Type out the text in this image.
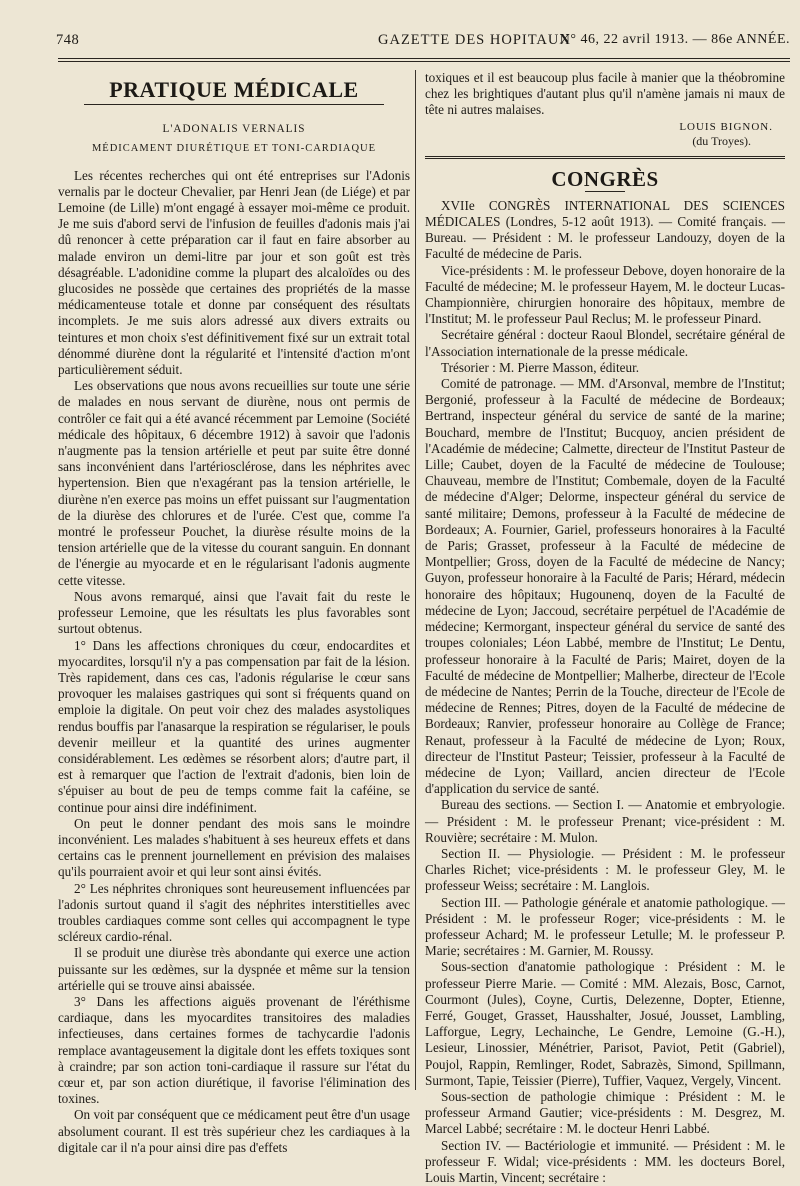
748	GAZETTE DES HOPITAUX
N° 46, 22 avril 1913. — 86e ANNÉE.
PRATIQUE MÉDICALE
L'ADONALIS VERNALIS
MÉDICAMENT DIURÉTIQUE ET TONI-CARDIAQUE

Les récentes recherches qui ont été entreprises sur l'Adonis vernalis par le docteur Chevalier, par Henri Jean (de Liége) et par Lemoine (de Lille) m'ont engagé à essayer moi-même ce produit. Je me suis d'abord servi de l'infusion de feuilles d'adonis mais j'ai dû renoncer à cette préparation car il faut en faire absorber au malade environ un demi-litre par jour et son goût est très désagréable. L'adonidine comme la plupart des alcaloïdes ou des glucosides ne possède que certaines des propriétés de la masse médicamenteuse totale et donne par conséquent des résultats incomplets. Je me suis alors adressé aux divers extraits ou teintures et mon choix s'est définitivement fixé sur un extrait total dénommé diurène dont la régularité et l'intensité d'action m'ont particulièrement séduit.

Les observations que nous avons recueillies sur toute une série de malades en nous servant de diurène, nous ont permis de contrôler ce fait qui a été avancé récemment par Lemoine (Société médicale des hôpitaux, 6 décembre 1912) à savoir que l'adonis n'augmente pas la tension artérielle et peut par suite être donné sans inconvénient dans l'artériosclérose, dans les néphrites avec hypertension. Bien que n'exagérant pas la tension artérielle, le diurène n'en exerce pas moins un effet puissant sur l'augmentation de la diurèse des chlorures et de l'urée. C'est que, comme l'a montré le professeur Pouchet, la diurèse résulte moins de la tension artérielle que de la vitesse du courant sanguin. En donnant de l'énergie au myocarde et en le régularisant l'adonis augmente cette vitesse.

Nous avons remarqué, ainsi que l'avait fait du reste le professeur Lemoine, que les résultats les plus favorables sont surtout obtenus.

1° Dans les affections chroniques du cœur, endocardites et myocardites, lorsqu'il n'y a pas compensation par fait de la lésion. Très rapidement, dans ces cas, l'adonis régularise le cœur sans provoquer les malaises gastriques qui sont si fréquents quand on emploie la digitale. On peut voir chez des malades asystoliques rendus bouffis par l'anasarque la respiration se régulariser, le pouls devenir meilleur et la quantité des urines augmenter considérablement. Les œdèmes se résorbent alors; d'autre part, il est à remarquer que l'action de l'extrait d'adonis, bien loin de s'épuiser au bout de peu de temps comme fait la caféine, se continue pour ainsi dire indéfiniment.

On peut le donner pendant des mois sans le moindre inconvénient. Les malades s'habituent à ses heureux effets et dans certains cas le prennent journellement en prévision des malaises qu'ils pourraient avoir et qui leur sont ainsi évités.

2° Les néphrites chroniques sont heureusement influencées par l'adonis surtout quand il s'agit des néphrites interstitielles avec troubles cardiaques comme sont celles qui accompagnent le type scléreux cardio-rénal.

Il se produit une diurèse très abondante qui exerce une action puissante sur les œdèmes, sur la dyspnée et même sur la tension artérielle qui se trouve ainsi abaissée.

3° Dans les affections aiguës provenant de l'éréthisme cardiaque, dans les myocardites transitoires des maladies infectieuses, dans certaines formes de tachycardie l'adonis remplace avantageusement la digitale dont les effets toxiques sont à craindre; par son action toni-cardiaque il rassure sur l'état du cœur et, par son action diurétique, il favorise l'élimination des toxines.

On voit par conséquent que ce médicament peut être d'un usage absolument courant. Il est très supérieur chez les cardiaques à la digitale car il n'a pour ainsi dire pas d'effets

toxiques et il est beaucoup plus facile à manier que la théobromine chez les brightiques d'autant plus qu'il n'amène jamais ni maux de tête ni autres malaises.

LOUIS BIGNON.
(du Troyes).
CONGRÈS

XVIIe CONGRÈS INTERNATIONAL DES SCIENCES MÉDICALES (Londres, 5-12 août 1913). — Comité français. — Bureau. — Président : M. le professeur Landouzy, doyen de la Faculté de médecine de Paris.

Vice-présidents : M. le professeur Debove, doyen honoraire de la Faculté de médecine; M. le professeur Hayem, M. le docteur Lucas-Championnière, chirurgien honoraire des hôpitaux, membre de l'Institut; M. le professeur Paul Reclus; M. le professeur Pinard.

Secrétaire général : docteur Raoul Blondel, secrétaire général de l'Association internationale de la presse médicale.

Trésorier : M. Pierre Masson, éditeur.

Comité de patronage. — MM. d'Arsonval, membre de l'Institut; Bergonié, professeur à la Faculté de médecine de Bordeaux; Bertrand, inspecteur général du service de santé de la marine; Bouchard, membre de l'Institut; Bucquoy, ancien président de l'Académie de médecine; Calmette, directeur de l'Institut Pasteur de Lille; Caubet, doyen de la Faculté de médecine de Toulouse; Chauveau, membre de l'Institut; Combemale, doyen de la Faculté de médecine d'Alger; Delorme, inspecteur général du service de santé militaire; Demons, professeur à la Faculté de médecine de Bordeaux; A. Fournier, Gariel, professeurs honoraires à la Faculté de Paris; Grasset, professeur à la Faculté de médecine de Montpellier; Gross, doyen de la Faculté de médecine de Nancy; Guyon, professeur honoraire à la Faculté de Paris; Hérard, médecin honoraire des hôpitaux; Hugounenq, doyen de la Faculté de médecine de Lyon; Jaccoud, secrétaire perpétuel de l'Académie de médecine; Kermorgant, inspecteur général du service de santé des troupes coloniales; Léon Labbé, membre de l'Institut; Le Dentu, professeur honoraire à la Faculté de Paris; Mairet, doyen de la Faculté de médecine de Montpellier; Malherbe, directeur de l'Ecole de médecine de Nantes; Perrin de la Touche, directeur de l'Ecole de médecine de Rennes; Pitres, doyen de la Faculté de médecine de Bordeaux; Ranvier, professeur honoraire au Collège de France; Renaut, professeur à la Faculté de médecine de Lyon; Roux, directeur de l'Institut Pasteur; Teissier, professeur à la Faculté de médecine de Lyon; Vaillard, ancien directeur de l'Ecole d'application du service de santé.

Bureau des sections. — Section I. — Anatomie et embryologie. — Président : M. le professeur Prenant; vice-président : M. Rouvière; secrétaire : M. Mulon.

Section II. — Physiologie. — Président : M. le professeur Charles Richet; vice-présidents : M. le professeur Gley, M. le professeur Weiss; secrétaire : M. Langlois.

Section III. — Pathologie générale et anatomie pathologique. — Président : M. le professeur Roger; vice-présidents : M. le professeur Achard; M. le professeur Letulle; M. le professeur P. Marie; secrétaires : M. Garnier, M. Roussy.

Sous-section d'anatomie pathologique : Président : M. le professeur Pierre Marie. — Comité : MM. Alezais, Bosc, Carnot, Courmont (Jules), Coyne, Curtis, Delezenne, Dopter, Etienne, Ferré, Gouget, Grasset, Hausshalter, Josué, Jousset, Lambling, Lafforgue, Legry, Lechainche, Le Gendre, Lemoine (G.-H.), Lesieur, Linossier, Ménétrier, Parisot, Paviot, Petit (Gabriel), Poujol, Rappin, Remlinger, Rodet, Sabrazès, Simond, Spillmann, Surmont, Tapie, Teissier (Pierre), Tuffier, Vaquez, Vergely, Vincent.

Sous-section de pathologie chimique : Président : M. le professeur Armand Gautier; vice-présidents : M. Desgrez, M. Marcel Labbé; secrétaire : M. le docteur Henri Labbé.

Section IV. — Bactériologie et immunité. — Président : M. le professeur F. Widal; vice-présidents : MM. les docteurs Borel, Louis Martin, Vincent; secrétaire :
